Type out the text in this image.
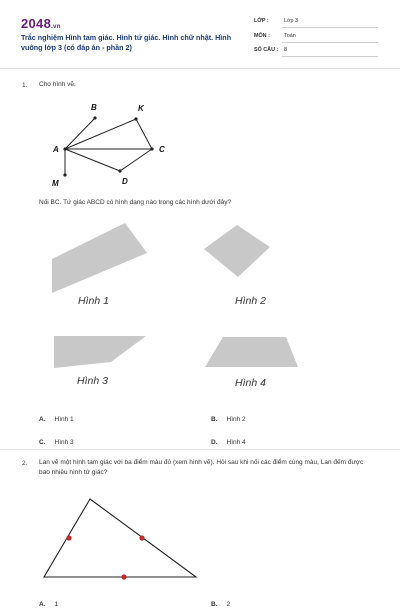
2048.vn
Trắc nghiệm Hình tam giác. Hình tứ giác. Hình chữ nhật. Hình vuông lớp 3 (có đáp án - phần 2)
LỚP :	Lớp 3
MÔN :	Toán
SỐ CÂU : 8
1. Cho hình vẽ.
B	K
A	C
M	D
Nối BC. Tứ giác ABCD có hình dạng nào trong các hình dưới đây?
Hình 1	Hình 2
Hình 3	Hình 4
A. Hình 1	B. Hình 2
C. Hình 3	D. Hình 4
2. Lan vẽ một hình tam giác với ba điểm màu đỏ (xem hình vẽ). Hỏi sau khi nối các điểm cùng màu, Lan đếm được bao nhiêu hình tứ giác?
A. 1	B. 2
